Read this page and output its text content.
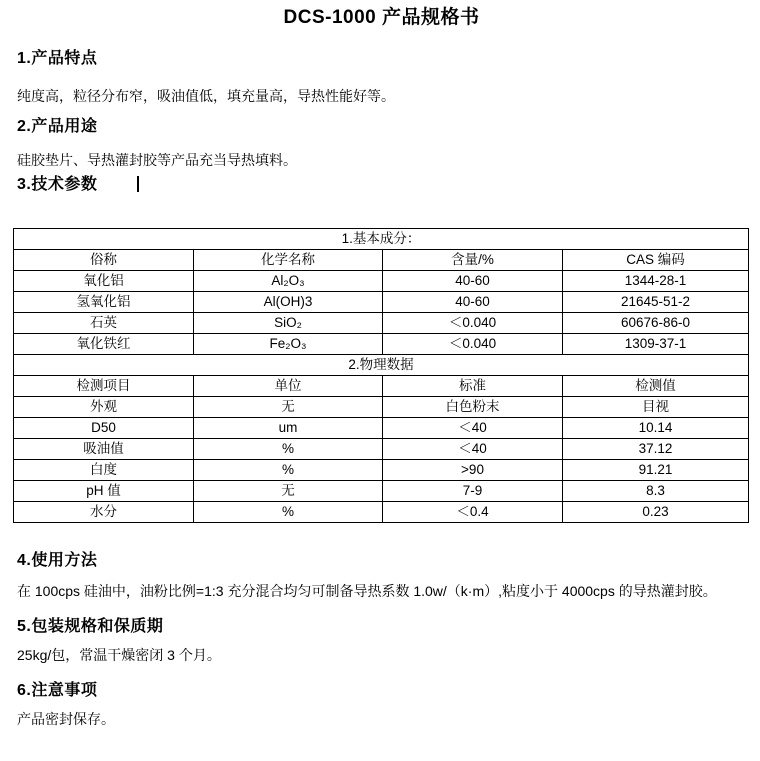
DCS-1000 产品规格书
1.产品特点
纯度高，粒径分布窄，吸油值低，填充量高，导热性能好等。
2.产品用途
硅胶垫片、导热灌封胶等产品充当导热填料。
3.技术参数
1.基本成分：			
俗称	化学名称	含量/%	CAS 编码
氧化铝	Al₂O₃	40-60	1344-28-1
氢氧化铝	Al(OH)3	40-60	21645-51-2
石英	SiO₂	＜0.040	60676-86-0
氧化铁红	Fe₂O₃	＜0.040	1309-37-1
2.物理数据			
检测项目	单位	标准	检测值
外观	无	白色粉末	目视
D50	um	＜40	10.14
吸油值	%	＜40	37.12
白度	%	>90	91.21
pH 值	无	7-9	8.3
水分	%	＜0.4	0.23
4.使用方法
在 100cps 硅油中，油粉比例=1:3 充分混合均匀可制备导热系数 1.0w/（k·m）,粘度小于 4000cps 的导热灌封胶。
5.包装规格和保质期
25kg/包，常温干燥密闭 3 个月。
6.注意事项
产品密封保存。
